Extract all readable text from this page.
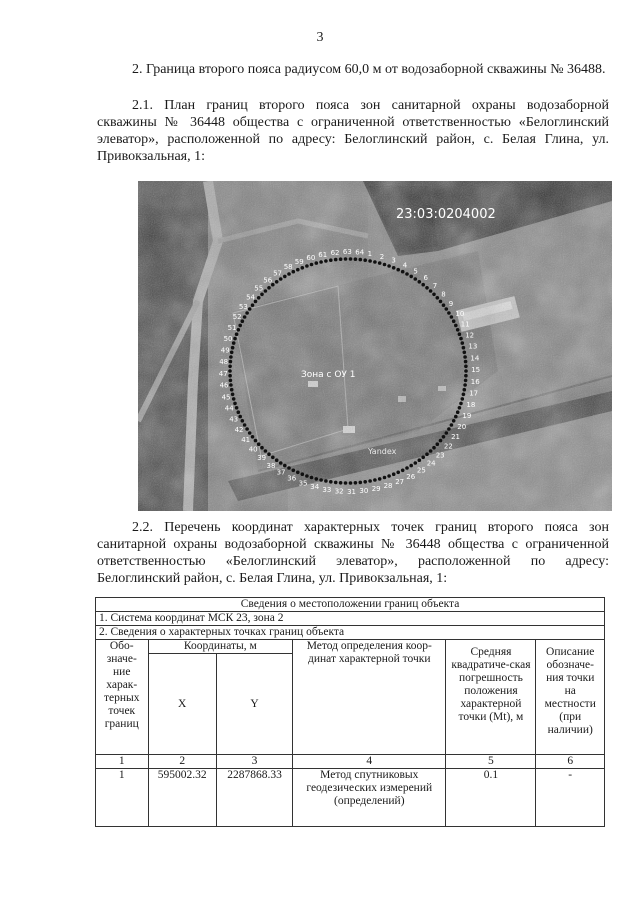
3
2. Граница второго пояса радиусом 60,0 м от водозаборной скважины № 36488.
2.1. План границ второго пояса зон санитарной охраны водозаборной скважины № 36448 общества с ограниченной ответственностью «Белоглинский элеватор», расположенной по адресу: Белоглинский район, с. Белая Глина, ул. Привокзальная, 1:
23:03:0204002
Зона с ОУ 1
Yandex
1 2 3
4
5
6
7
8
9
10
11
12
13
14
15
16
17
18
19
20
21
22
23
24
25
26
27
28
29
30
31
32
33
34
35
36
37
38
39
40
41
42
43
44
45
46
47
48
49
50
51
52
53
54
55
56
57
58
59
60 61 62 63 64
2.2. Перечень координат характерных точек границ второго пояса зон санитарной охраны водозаборной скважины № 36448 общества с ограниченной ответственностью «Белоглинский элеватор», расположенной по адресу: Белоглинский район, с. Белая Глина, ул. Привокзальная, 1:
Сведения о местоположении границ объекта					
1. Система координат МСК 23, зона 2					
2. Сведения о характерных точках границ объекта					

Обо-значе-ние харак-терных точек границ	Координаты, м		Метод определения коор-динат характерной точки	Средняя квадратиче-ская погрешность положения характерной точки (Mt), м	Описание обозначе-ния точки на местности (при наличии)

	X	Y			
1	2	3	4	5	6
1	595002.32	2287868.33	Метод спутниковых геодезических измерений (определений)	0.1	-
